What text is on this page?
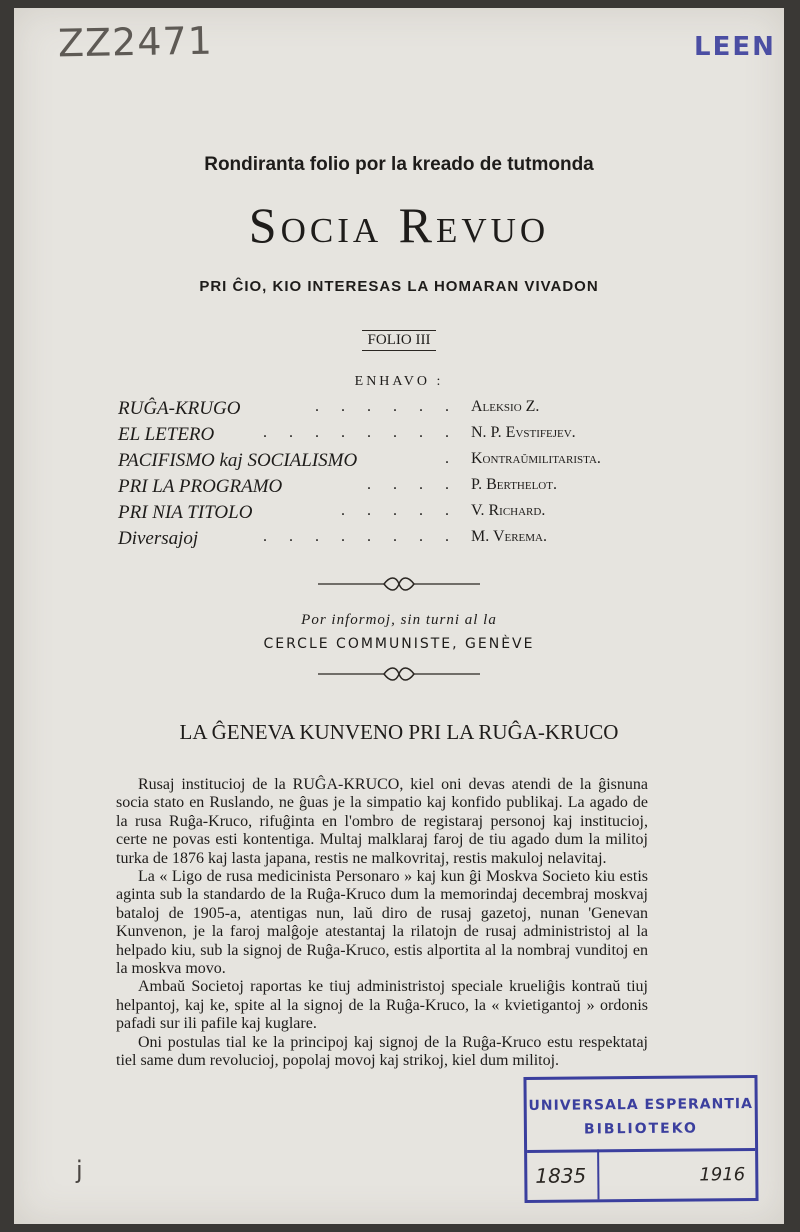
ZZ2471	LEEN
Rondiranta folio por la kreado de tutmonda
Socia Revuo
PRI ĈIO, KIO INTERESAS LA HOMARAN VIVADON
FOLIO III
ENHAVO :
. . . . . .
RUĜA-KRUGO	Aleksio Z.
. . . . . . . .
EL LETERO	N. P. Evstifejev.
.
PACIFISMO kaj SOCIALISMO	Kontraŭmilitarista.
. . . .
PRI LA PROGRAMO	P. Berthelot.
. . . . .
PRI NIA TITOLO	V. Richard.
. . . . . . . .
Diversajoj	M. Verema.
Por informoj, sin turni al la
CERCLE COMMUNISTE, GENÈVE
LA ĜENEVA KUNVENO PRI LA RUĜA-KRUCO

Rusaj institucioj de la RUĜA-KRUCO, kiel oni devas atendi de la ĝisnuna socia stato en Ruslando, ne ĝuas je la simpatio kaj konfido publikaj. La agado de la rusa Ruĝa-Kruco, rifuĝinta en l'ombro de registaraj personoj kaj institucioj, certe ne povas esti kontentiga. Multaj malklaraj faroj de tiu agado dum la militoj turka de 1876 kaj lasta japana, restis ne malkovritaj, restis makuloj nelavitaj.

La « Ligo de rusa medicinista Personaro » kaj kun ĝi Moskva Societo kiu estis aginta sub la standardo de la Ruĝa-Kruco dum la memorindaj decembraj moskvaj bataloj de 1905-a, atentigas nun, laŭ diro de rusaj gazetoj, nunan 'Genevan Kunvenon, je la faroj malĝoje atestantaj la rilatojn de rusaj administristoj al la helpado kiu, sub la signoj de Ruĝa-Kruco, estis alportita al la nombraj vunditoj en la moskva movo.

Ambaŭ Societoj raportas ke tiuj administristoj speciale krueliĝis kontraŭ tiuj helpantoj, kaj ke, spite al la signoj de la Ruĝa-Kruco, la « kvietigantoj » ordonis pafadi sur ili pafile kaj kuglare.

Oni postulas tial ke la principoj kaj signoj de la Ruĝa-Kruco estu respektataj tiel same dum revolucioj, popolaj movoj kaj strikoj, kiel dum militoj.

UNIVERSALA ESPERANTIA
BIBLIOTEKO
1835	1916
j
